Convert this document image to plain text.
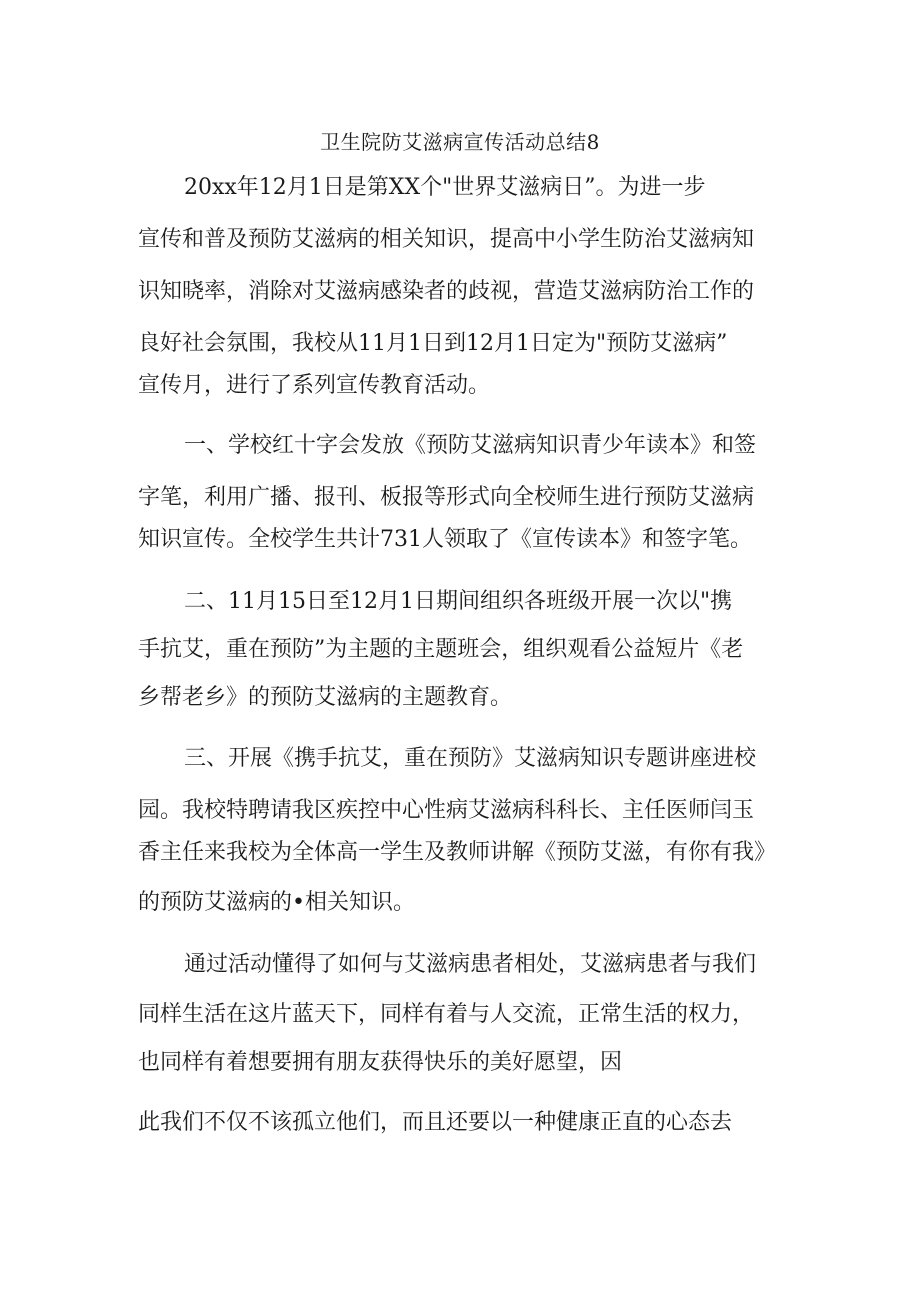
卫生院防艾滋病宣传活动总结8
20xx年12月1日是第XX个"世界艾滋病日”。为进一步
宣传和普及预防艾滋病的相关知识，提高中小学生防治艾滋病知
识知晓率，消除对艾滋病感染者的歧视，营造艾滋病防治工作的
良好社会氛围，我校从11月1日到12月1日定为"预防艾滋病”
宣传月，进行了系列宣传教育活动。
一、学校红十字会发放《预防艾滋病知识青少年读本》和签
字笔，利用广播、报刊、板报等形式向全校师生进行预防艾滋病
知识宣传。全校学生共计731人领取了《宣传读本》和签字笔。
二、11月15日至12月1日期间组织各班级开展一次以"携
手抗艾，重在预防”为主题的主题班会，组织观看公益短片《老
乡帮老乡》的预防艾滋病的主题教育。
三、开展《携手抗艾，重在预防》艾滋病知识专题讲座进校
园。我校特聘请我区疾控中心性病艾滋病科科长、主任医师闫玉
香主任来我校为全体高一学生及教师讲解《预防艾滋，有你有我》
的预防艾滋病的•相关知识。
通过活动懂得了如何与艾滋病患者相处，艾滋病患者与我们
同样生活在这片蓝天下，同样有着与人交流，正常生活的权力，
也同样有着想要拥有朋友获得快乐的美好愿望，因
此我们不仅不该孤立他们，而且还要以一种健康正直的心态去
